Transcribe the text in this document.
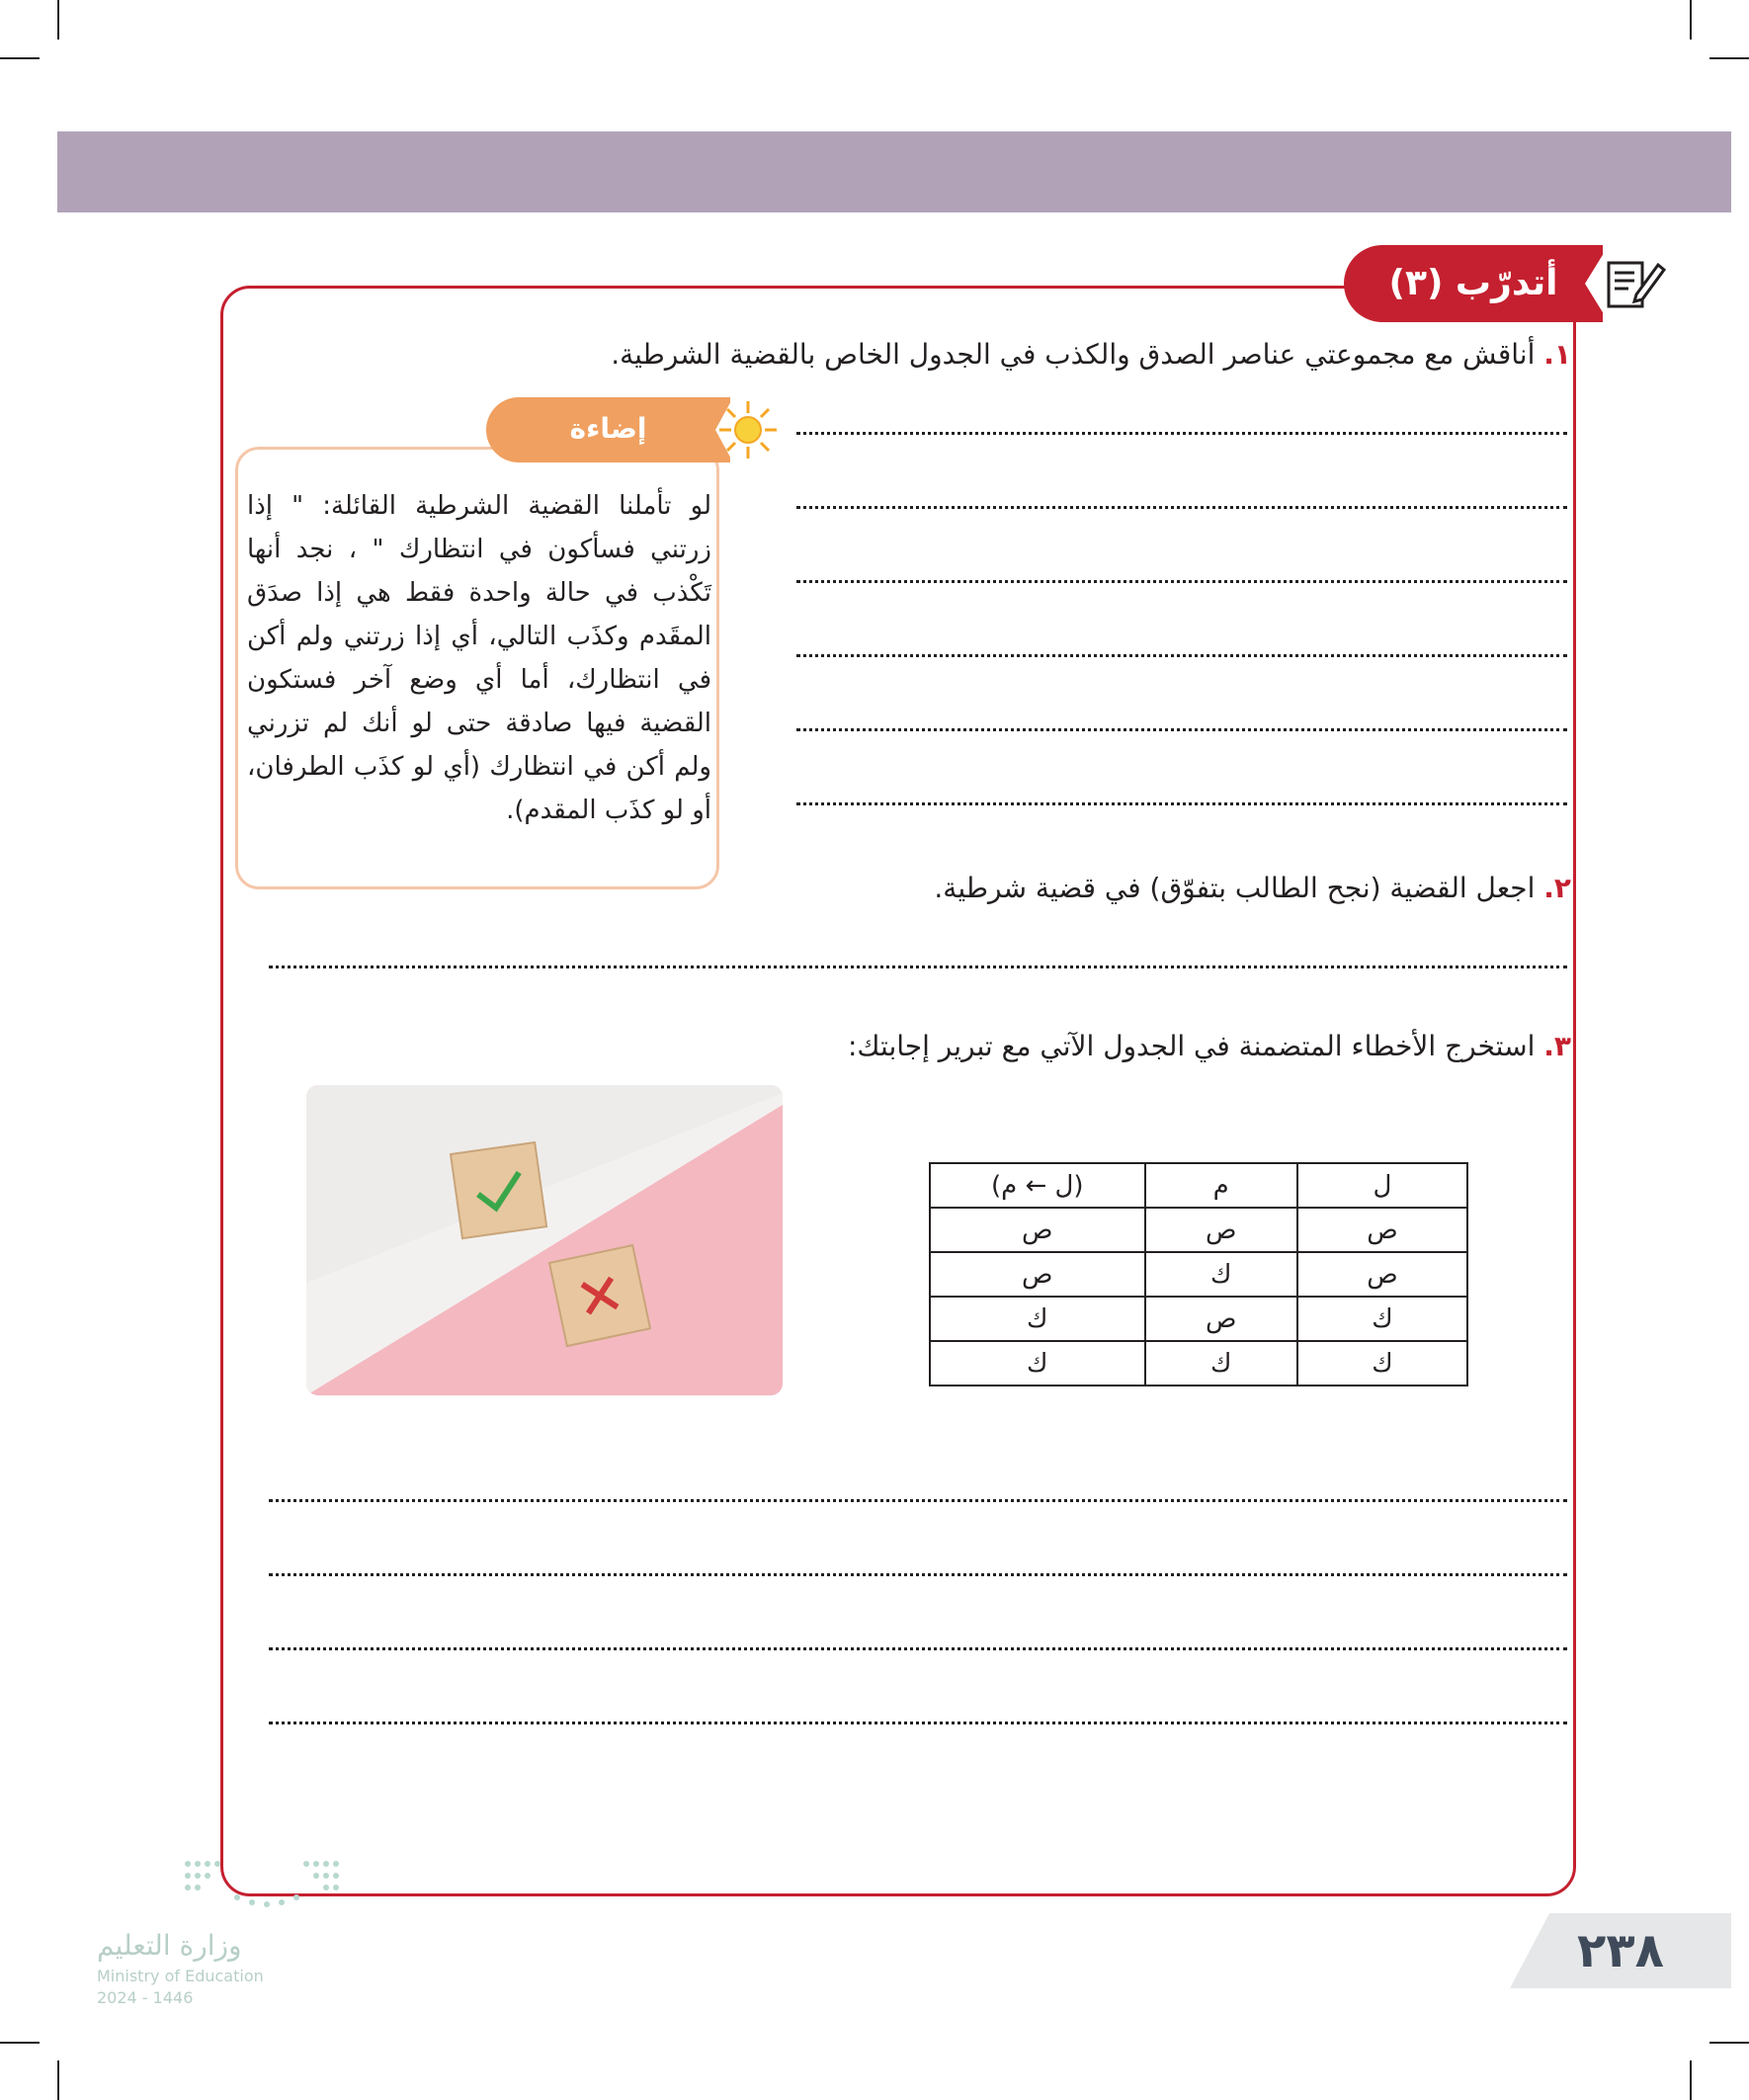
أتدرّب (٣)
١. أناقش مع مجموعتي عناصر الصدق والكذب في الجدول الخاص بالقضية الشرطية.
إضاءة
لو تأملنا القضية الشرطية القائلة: " إذا زرتني فسأكون في انتظارك " ، نجد أنها تَكْذب في حالة واحدة فقط هي إذا صدَق المقَدم وكذَب التالي، أي إذا زرتني ولم أكن في انتظارك، أما أي وضع آخر فستكون القضية فيها صادقة حتى لو أنك لم تزرني ولم أكن في انتظارك (أي لو كذَب الطرفان، أو لو كذَب المقدم).
٢. اجعل القضية (نجح الطالب بتفوّق) في قضية شرطية.
٣. استخرج الأخطاء المتضمنة في الجدول الآتي مع تبرير إجابتك:
ل	م	(ل ← م)
ص	ص	ص
ص	ك	ص
ك	ص	ك
ك	ك	ك
وزارة التعليم
Ministry of Education
2024 - 1446
٢٣٨
